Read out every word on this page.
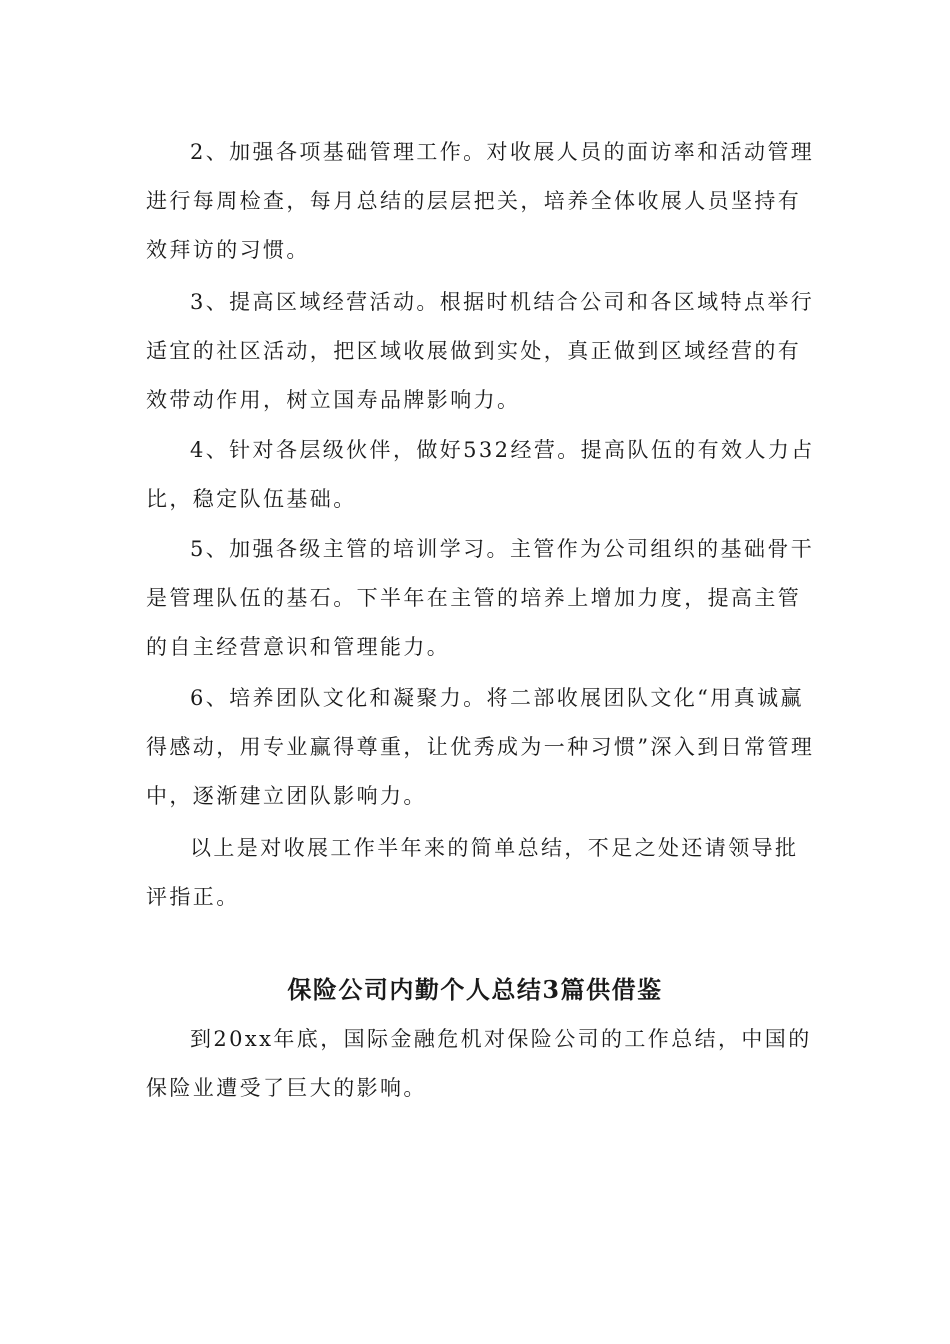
2、加强各项基础管理工作。对收展人员的面访率和活动管理进行每周检查，每月总结的层层把关，培养全体收展人员坚持有效拜访的习惯。

3、提高区域经营活动。根据时机结合公司和各区域特点举行适宜的社区活动，把区域收展做到实处，真正做到区域经营的有效带动作用，树立国寿品牌影响力。

4、针对各层级伙伴，做好532经营。提高队伍的有效人力占比，稳定队伍基础。

5、加强各级主管的培训学习。主管作为公司组织的基础骨干是管理队伍的基石。下半年在主管的培养上增加力度，提高主管的自主经营意识和管理能力。

6、培养团队文化和凝聚力。将二部收展团队文化“用真诚赢得感动，用专业赢得尊重，让优秀成为一种习惯”深入到日常管理中，逐渐建立团队影响力。

以上是对收展工作半年来的简单总结，不足之处还请领导批评指正。

保险公司内勤个人总结3篇供借鉴

到20xx年底，国际金融危机对保险公司的工作总结，中国的保险业遭受了巨大的影响。
